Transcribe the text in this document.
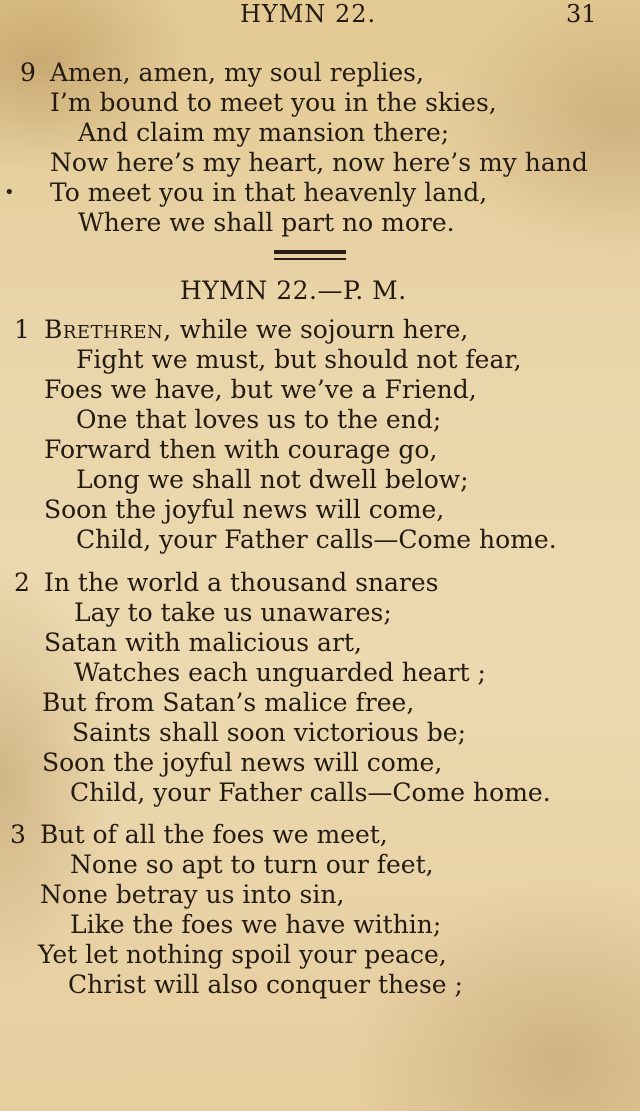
HYMN 22.	31
9 Amen, amen, my soul replies,
I’m bound to meet you in the skies,
And claim my mansion there;
Now here’s my heart, now here’s my hand
To meet you in that heavenly land,
Where we shall part no more.
•
HYMN 22.—P. M.
1 Brethren, while we sojourn here,
Fight we must, but should not fear,
Foes we have, but we’ve a Friend,
One that loves us to the end;
Forward then with courage go,
Long we shall not dwell below;
Soon the joyful news will come,
Child, your Father calls—Come home.
2 In the world a thousand snares
Lay to take us unawares;
Satan with malicious art,
Watches each unguarded heart ;
But from Satan’s malice free,
Saints shall soon victorious be;
Soon the joyful news will come,
Child, your Father calls—Come home.
3 But of all the foes we meet,
None so apt to turn our feet,
None betray us into sin,
Like the foes we have within;
Yet let nothing spoil your peace,
Christ will also conquer these ;
